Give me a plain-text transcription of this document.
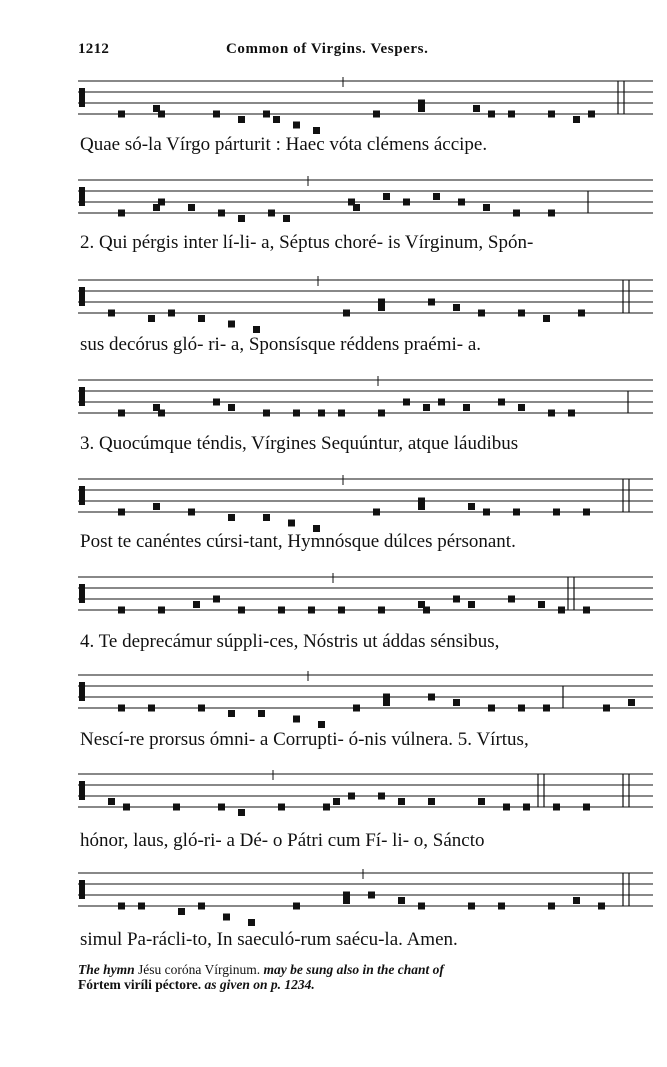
1212	Common of Virgins. Vespers.
Quae só-la Vírgo párturit : Haec vóta clémens áccipe.
2. Qui pérgis inter lí-li- a, Séptus choré- is Vírginum, Spón-
sus decórus gló- ri- a, Sponsísque réddens praémi- a.
3. Quocúmque téndis, Vírgines Sequúntur, atque láudibus
Post te canéntes cúrsi-tant, Hymnósque dúlces pérsonant.
4. Te deprecámur súppli-ces, Nóstris ut áddas sénsibus,
Nescí-re prorsus ómni- a Corrupti- ó-nis vúlnera. 5. Vírtus,
hónor, laus, gló-ri- a Dé- o Pátri cum Fí- li- o, Sáncto
simul Pa-rácli-to, In saeculó-rum saécu-la. Amen.
The hymn Jésu coróna Vírginum. may be sung also in the chant of
Fórtem viríli péctore. as given on p. 1234.
